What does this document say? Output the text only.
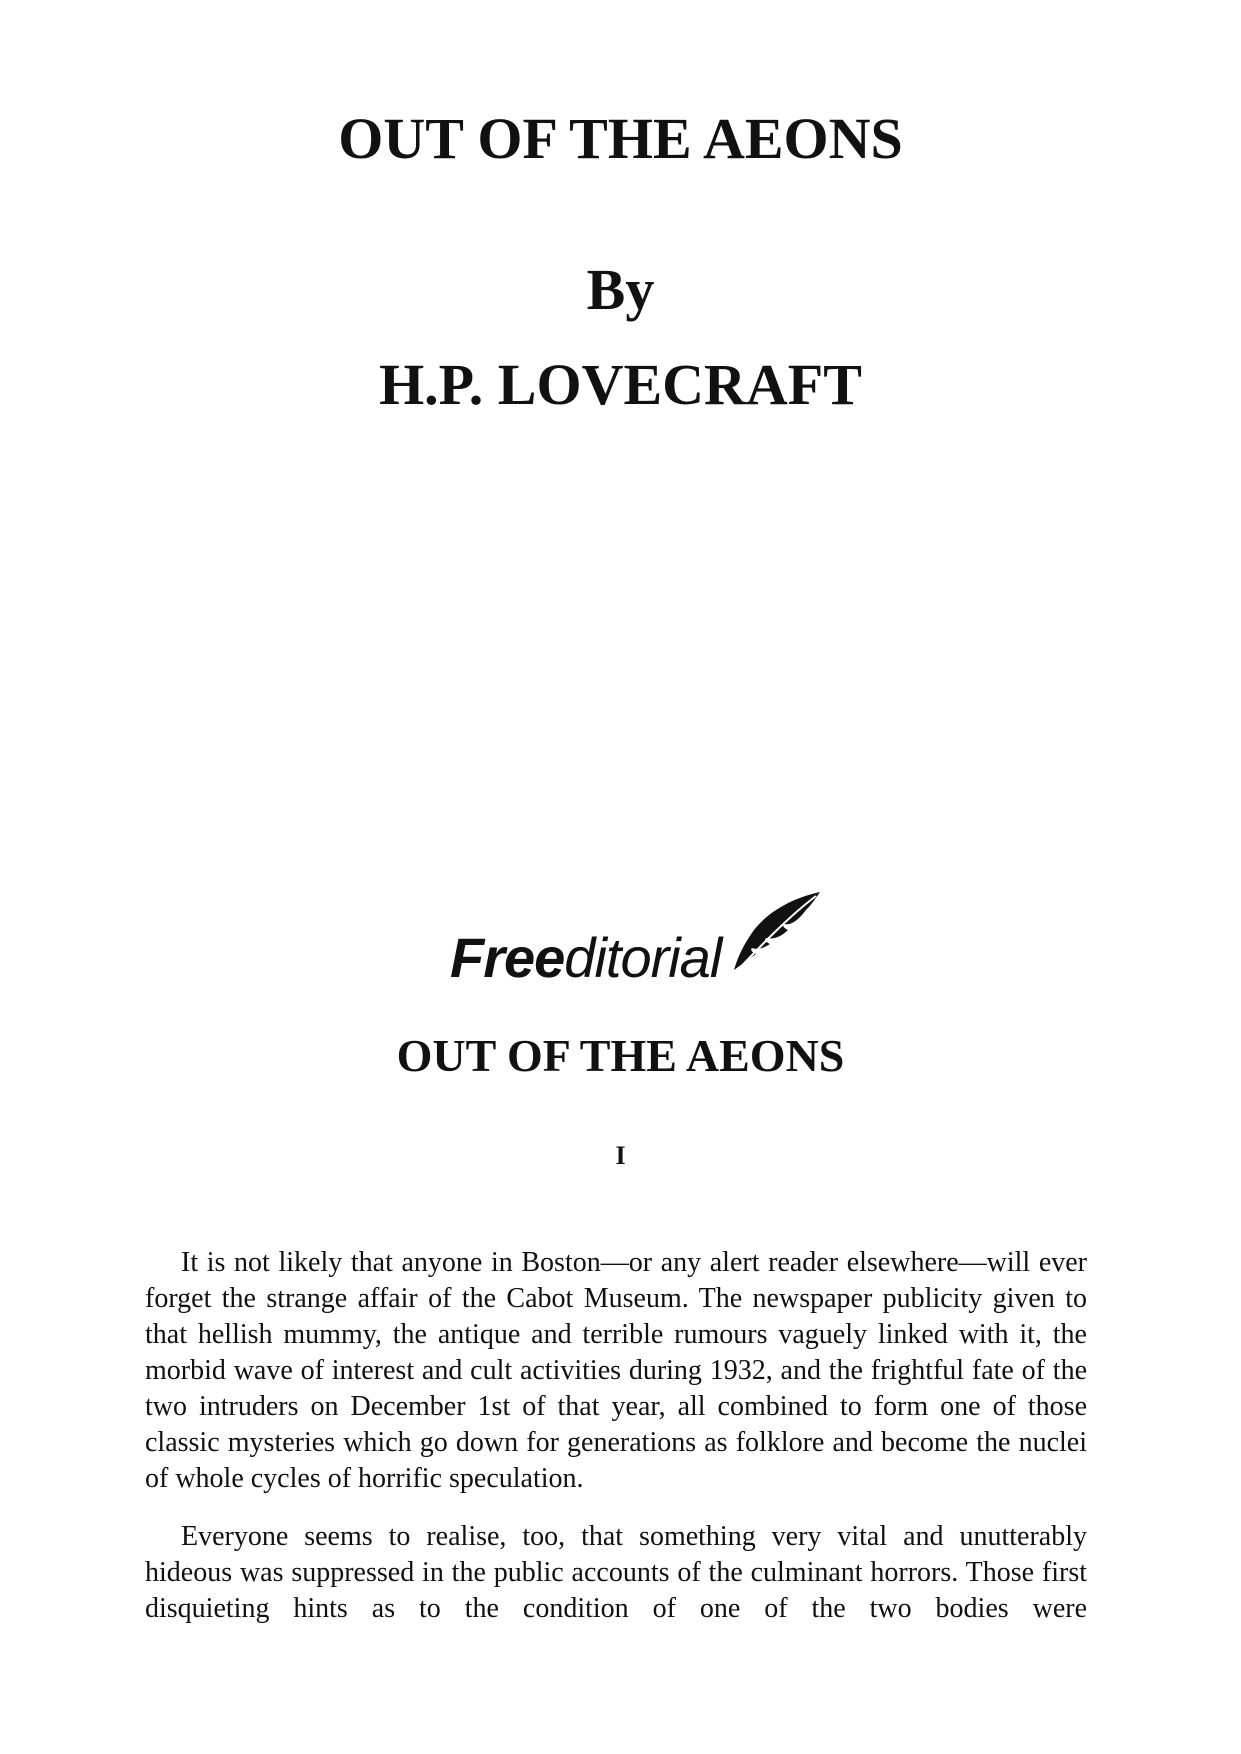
OUT OF THE AEONS
By
H.P. LOVECRAFT
Freeditorial
OUT OF THE AEONS
I

It is not likely that anyone in Boston—or any alert reader elsewhere—will ever forget the strange affair of the Cabot Museum. The newspaper publicity given to that hellish mummy, the antique and terrible rumours vaguely linked with it, the morbid wave of interest and cult activities during 1932, and the frightful fate of the two intruders on December 1st of that year, all combined to form one of those classic mysteries which go down for generations as folklore and become the nuclei of whole cycles of horrific speculation.

Everyone seems to realise, too, that something very vital and unutterably hideous was suppressed in the public accounts of the culminant horrors. Those first disquieting hints as to the condition of one of the two bodies were
